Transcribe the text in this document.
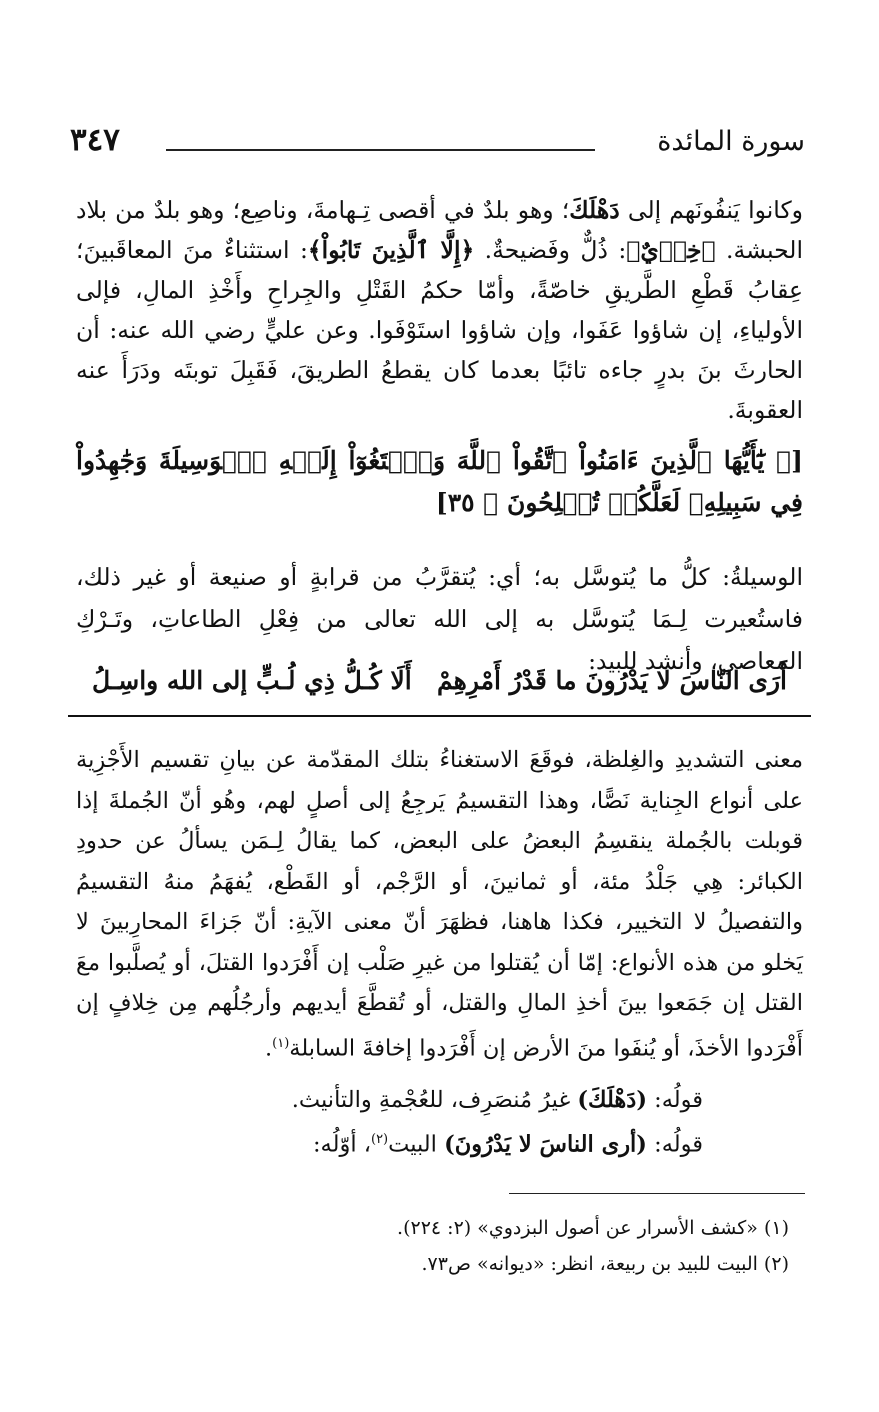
سورة المائدة
٣٤٧

وكانوا يَنفُونَهم إلى دَهْلَكَ؛ وهو بلدٌ في أقصى تِـهامةَ، وناصِع؛ وهو بلدٌ من بلاد الحبشة. ﴿خِزۡيٌ﴾: ذُلٌّ وفَضيحةٌ. ﴿إِلَّا ٱلَّذِينَ تَابُواْ﴾: استثناءٌ منَ المعاقَبينَ؛ عِقابُ قَطْعِ الطَّريقِ خاصّةً، وأمّا حكمُ القَتْلِ والجِراحِ وأَخْذِ المالِ، فإلى الأولياءِ، إن شاؤوا عَفَوا، وإن شاؤوا استَوْفَوا. وعن عليٍّ رضي الله عنه: أن الحارثَ بنَ بدرٍ جاءه تائبًا بعدما كان يقطعُ الطريقَ، فَقَبِلَ توبتَه ودَرَأَ عنه العقوبةَ.

[﴿ يَٰٓأَيُّهَا ٱلَّذِينَ ءَامَنُواْ ٱتَّقُواْ ٱللَّهَ وَٱبۡتَغُوٓاْ إِلَيۡهِ ٱلۡوَسِيلَةَ وَجَٰهِدُواْ فِي سَبِيلِهِۦ لَعَلَّكُمۡ تُفۡلِحُونَ ﴾ ٣٥]

الوسيلةُ: كلُّ ما يُتوسَّل به؛ أي: يُتقرَّبُ من قرابةٍ أو صنيعة أو غير ذلك، فاستُعيرت لِـمَا يُتوسَّل به إلى الله تعالى من فِعْلِ الطاعاتِ، وتَـرْكِ المعاصي، وأنشد للبيد:

أَرَى النّاسَ لا يَدْرُونَ ما قَدْرُ أَمْرِهِمْ
أَلَا كُـلُّ ذِي لُـبٍّ إلى الله واسِـلُ

معنى التشديدِ والغِلظة، فوقَعَ الاستغناءُ بتلك المقدّمة عن بيانِ تقسيم الأَجْزِية على أنواع الجِناية نَصًّا، وهذا التقسيمُ يَرجِعُ إلى أصلٍ لهم، وهُو أنّ الجُملةَ إذا قوبلت بالجُملة ينقسِمُ البعضُ على البعض، كما يقالُ لِـمَن يسألُ عن حدودِ الكبائر: هِي جَلْدُ مئة، أو ثمانينَ، أو الرَّجْم، أو القَطْع، يُفهَمُ منهُ التقسيمُ والتفصيلُ لا التخيير، فكذا هاهنا، فظهَرَ أنّ معنى الآيةِ: أنّ جَزاءَ المحارِبينَ لا يَخلو من هذه الأنواع: إمّا أن يُقتلوا من غيرِ صَلْب إن أَفْرَدوا القتلَ، أو يُصلَّبوا معَ القتل إن جَمَعوا بينَ أخذِ المالِ والقتل، أو تُقطَّعَ أيديهم وأرجُلُهم مِن خِلافٍ إن أَفْرَدوا الأخذَ، أو يُنفَوا منَ الأرض إن أَفْرَدوا إخافةَ السابلة$^{(١)}$.

قولُه: (دَهْلَكَ) غيرُ مُنصَرِف، للعُجْمةِ والتأنيث.

قولُه: (أرى الناسَ لا يَدْرُونَ) البيت$^{(٢)}$، أوّلُه:

(١) «كشف الأسرار عن أصول البزدوي» (٢: ٢٢٤).

(٢) البيت للبيد بن ربيعة، انظر: «ديوانه» ص٧٣.
